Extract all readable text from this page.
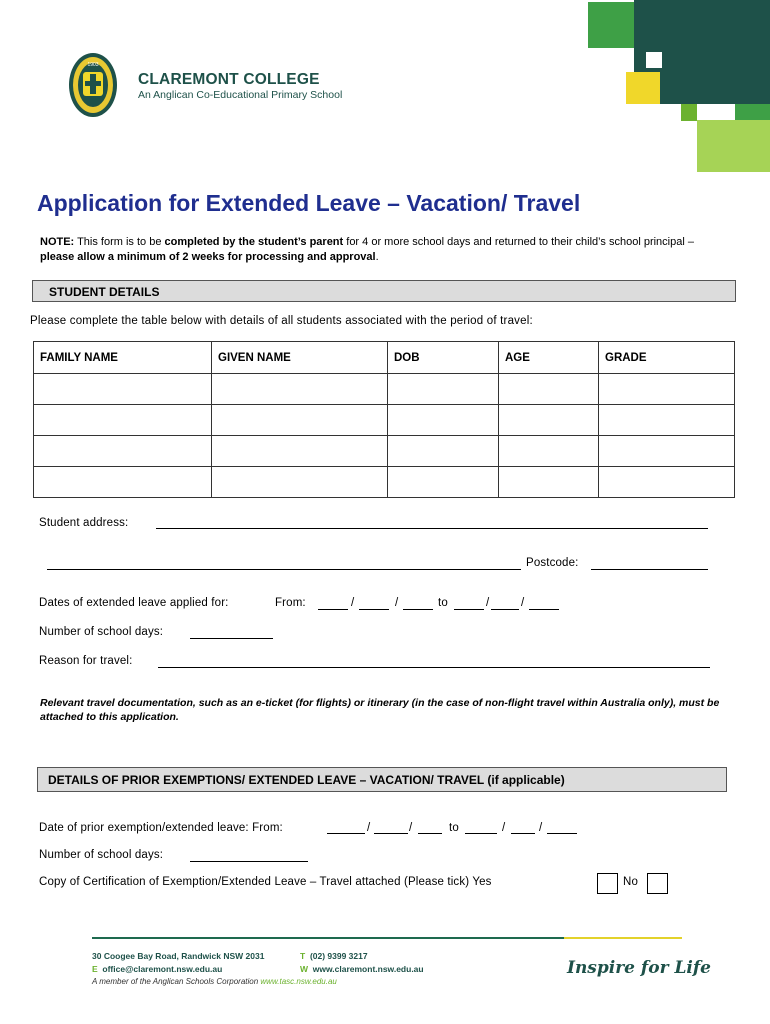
1903
CLAREMONT COLLEGE
An Anglican Co-Educational Primary School
Application for Extended Leave – Vacation/ Travel
NOTE: This form is to be completed by the student’s parent for 4 or more school days and returned to their child’s school principal – please allow a minimum of 2 weeks for processing and approval.
STUDENT DETAILS
Please complete the table below with details of all students associated with the period of travel:
FAMILY NAME	GIVEN NAME	DOB	AGE	GRADE

Student address:
Postcode:
Dates of extended leave applied for:	From:	/	/	to	/	/
Number of school days:
Reason for travel:
Relevant travel documentation, such as an e-ticket (for flights) or itinerary (in the case of non-flight travel within Australia only), must be attached to this application.
DETAILS OF PRIOR EXEMPTIONS/ EXTENDED LEAVE – VACATION/ TRAVEL (if applicable)
Date of prior exemption/extended leave: From:	/	/	to	/	/
Number of school days:
Copy of Certification of Exemption/Extended Leave – Travel attached (Please tick) Yes	No
30 Coogee Bay Road, Randwick NSW 2031
E office@claremont.nsw.edu.au
T (02) 9399 3217
W www.claremont.nsw.edu.au
A member of the Anglican Schools Corporation www.tasc.nsw.edu.au
Inspire for Life
